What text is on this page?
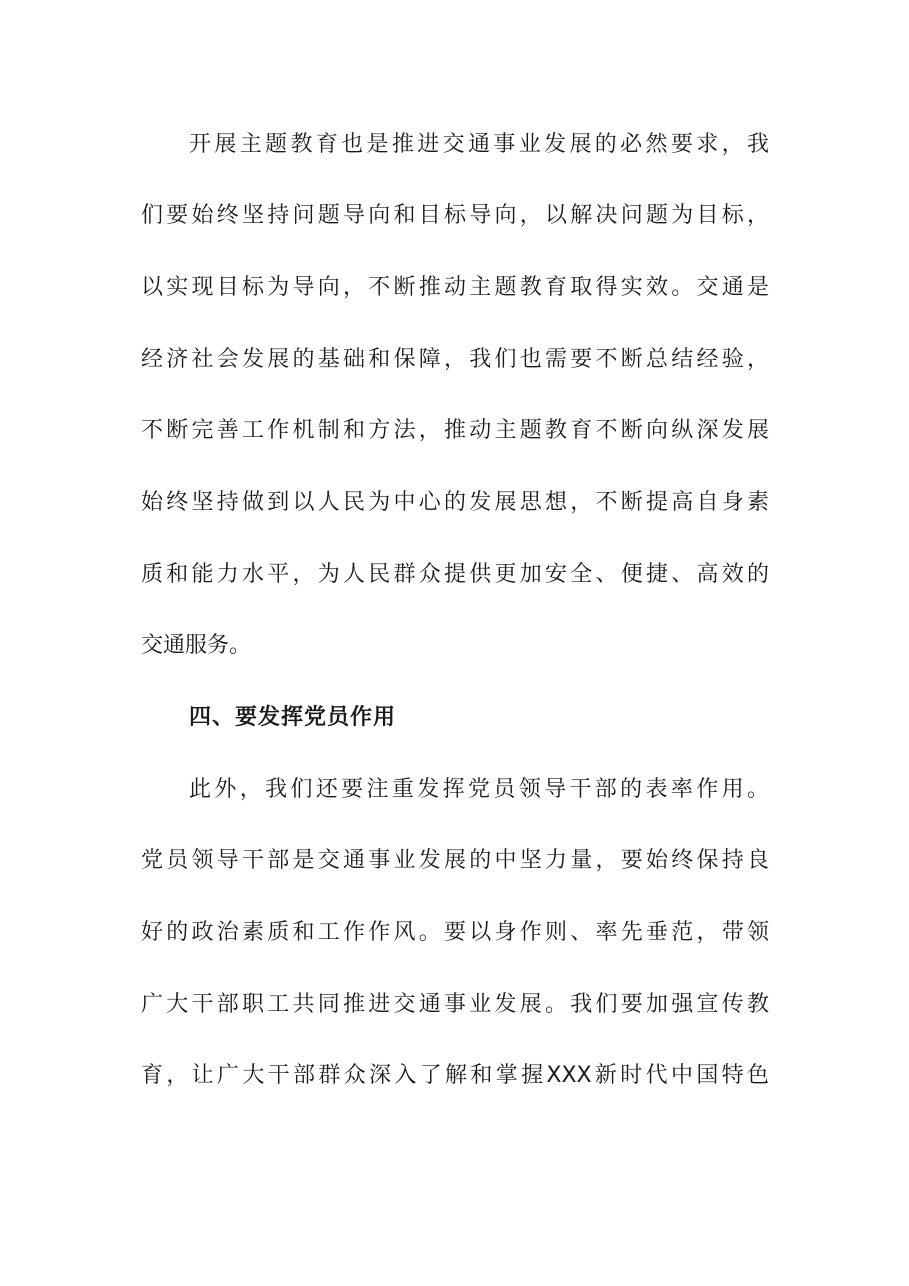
开展主题教育也是推进交通事业发展的必然要求，我
们要始终坚持问题导向和目标导向，以解决问题为目标，
以实现目标为导向，不断推动主题教育取得实效。交通是
经济社会发展的基础和保障，我们也需要不断总结经验，
不断完善工作机制和方法，推动主题教育不断向纵深发展
始终坚持做到以人民为中心的发展思想，不断提高自身素
质和能力水平，为人民群众提供更加安全、便捷、高效的
交通服务。
四、要发挥党员作用
此外，我们还要注重发挥党员领导干部的表率作用。
党员领导干部是交通事业发展的中坚力量，要始终保持良
好的政治素质和工作作风。要以身作则、率先垂范，带领
广大干部职工共同推进交通事业发展。我们要加强宣传教
育，让广大干部群众深入了解和掌握XXX新时代中国特色
